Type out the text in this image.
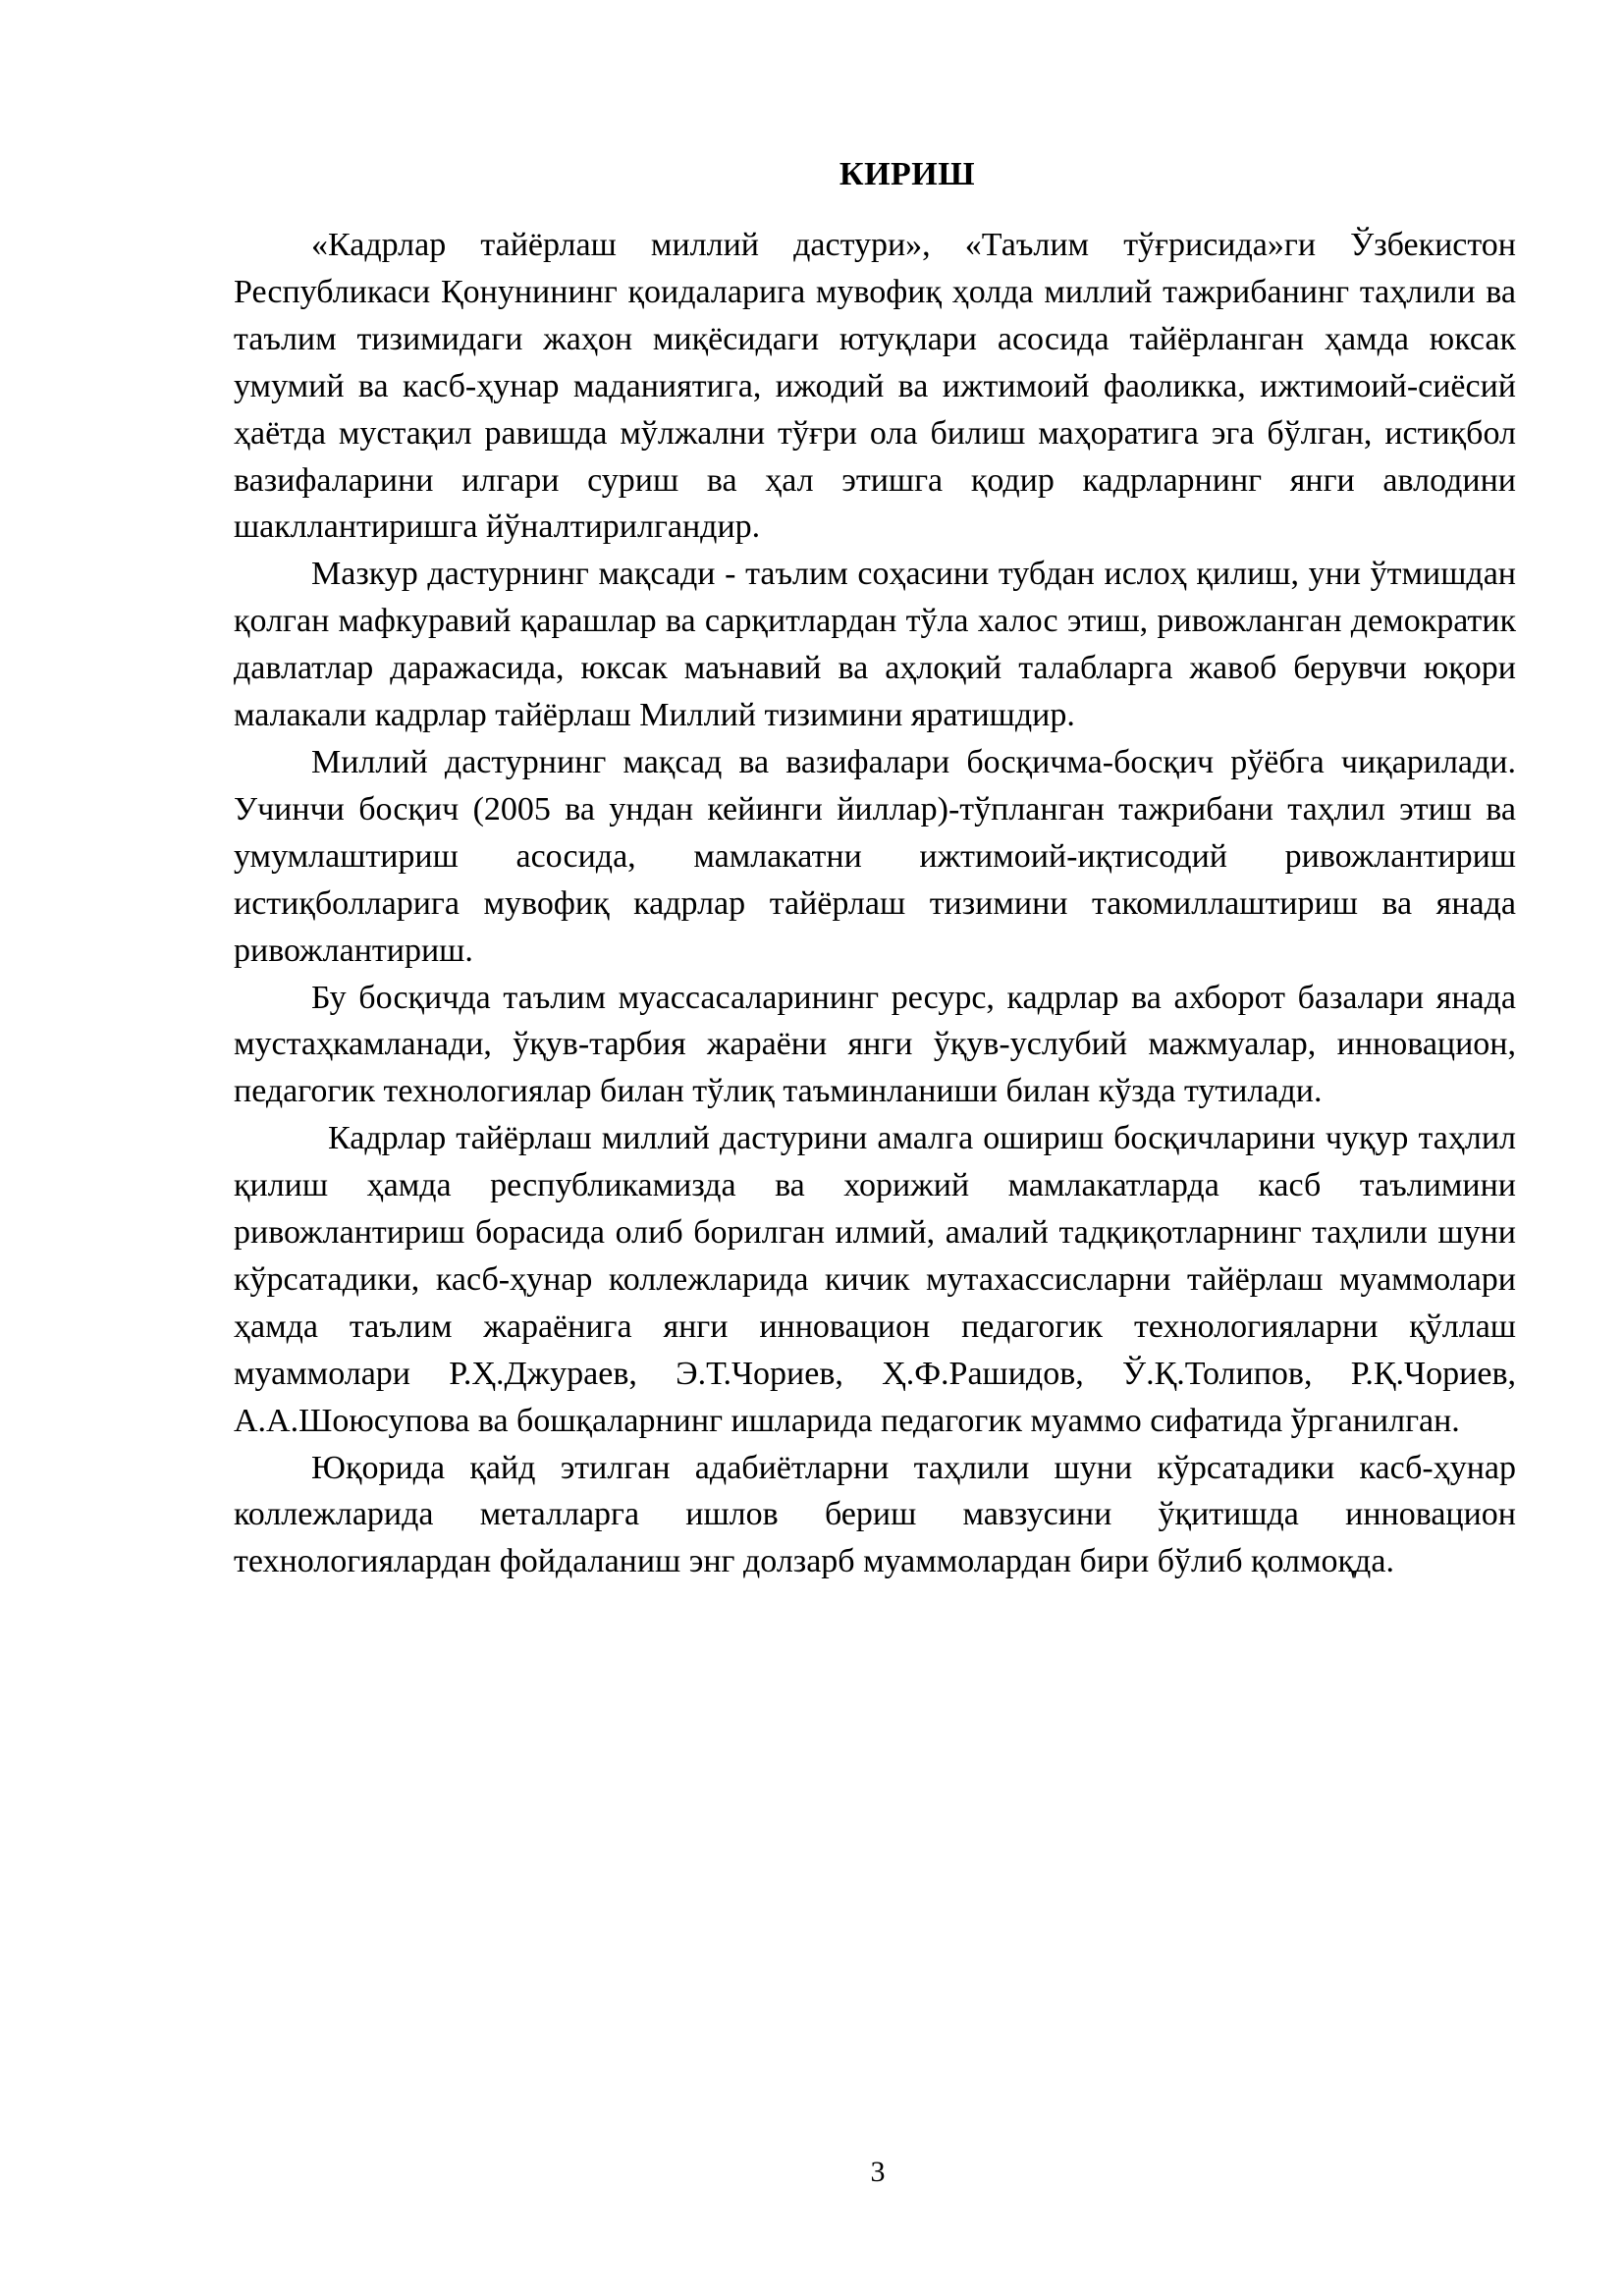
КИРИШ

«Кадрлар тайёрлаш миллий дастури», «Таълим тўғрисида»ги Ўзбекистон Республикаси Қонунининг қоидаларига мувофиқ ҳолда миллий тажрибанинг таҳлили ва таълим тизимидаги жаҳон миқёсидаги ютуқлари асосида тайёрланган ҳамда юксак умумий ва касб-ҳунар маданиятига, ижодий ва ижтимоий фаоликка, ижтимоий-сиёсий ҳаётда мустақил равишда мўлжални тўғри ола билиш маҳоратига эга бўлган, истиқбол вазифаларини илгари суриш ва ҳал этишга қодир кадрларнинг янги авлодини шакллантиришга йўналтирилгандир.

Мазкур дастурнинг мақсади - таълим соҳасини тубдан ислоҳ қилиш, уни ўтмишдан қолган мафкуравий қарашлар ва сарқитлардан тўла халос этиш, ривожланган демократик давлатлар даражасида, юксак маънавий ва аҳлоқий талабларга жавоб берувчи юқори малакали кадрлар тайёрлаш Миллий тизимини яратишдир.

Миллий дастурнинг мақсад ва вазифалари босқичма-босқич рўёбга чиқарилади. Учинчи босқич (2005 ва ундан кейинги йиллар)-тўпланган тажрибани таҳлил этиш ва умумлаштириш асосида, мамлакатни ижтимоий-иқтисодий ривожлантириш истиқболларига мувофиқ кадрлар тайёрлаш тизимини такомиллаштириш ва янада ривожлантириш.

Бу босқичда таълим муассасаларининг ресурс, кадрлар ва ахборот базалари янада мустаҳкамланади, ўқув-тарбия жараёни янги ўқув-услубий мажмуалар, инновацион, педагогик технологиялар билан тўлиқ таъминланиши билан кўзда тутилади.

Кадрлар тайёрлаш миллий дастурини амалга ошириш босқичларини чуқур таҳлил қилиш ҳамда республикамизда ва хорижий мамлакатларда касб таълимини ривожлантириш борасида олиб борилган илмий, амалий тадқиқотларнинг таҳлили шуни кўрсатадики, касб-ҳунар коллежларида кичик мутахассисларни тайёрлаш муаммолари ҳамда таълим жараёнига янги инновацион педагогик технологияларни қўллаш муаммолари Р.Ҳ.Джураев, Э.Т.Чориев, Ҳ.Ф.Рашидов, Ў.Қ.Толипов, Р.Қ.Чориев, А.А.Шоюсупова ва бошқаларнинг ишларида педагогик муаммо сифатида ўрганилган.

Юқорида қайд этилган адабиётларни таҳлили шуни кўрсатадики касб-ҳунар коллежларида металларга ишлов бериш мавзусини ўқитишда инновацион технологиялардан фойдаланиш энг долзарб муаммолардан бири бўлиб қолмоқда.

3
